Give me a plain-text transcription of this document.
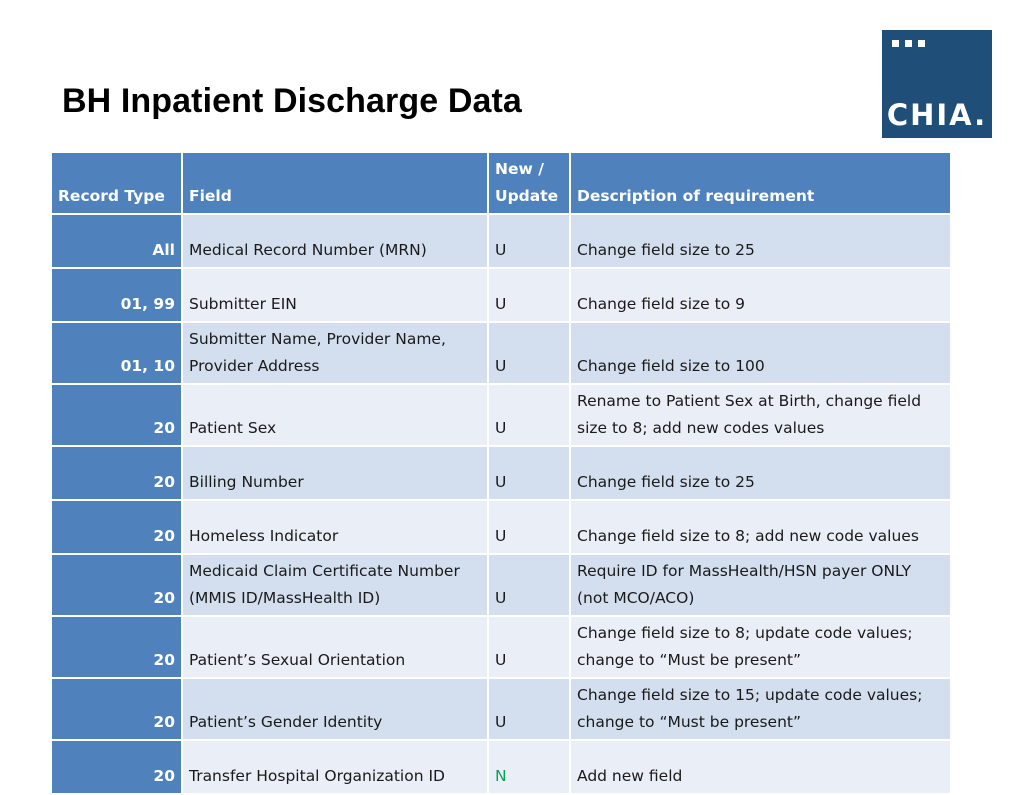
BH Inpatient Discharge Data	CHIA.
Record Type	Field	New / Update	Description of requirement
All	Medical Record Number (MRN)	U	Change field size to 25
01, 99	Submitter EIN	U	Change field size to 9
01, 10	Submitter Name, Provider Name, Provider Address	U	Change field size to 100
20	Patient Sex	U	Rename to Patient Sex at Birth, change field size to 8; add new codes values
20	Billing Number	U	Change field size to 25
20	Homeless Indicator	U	Change field size to 8; add new code values
20	Medicaid Claim Certificate Number (MMIS ID/MassHealth ID)	U	Require ID for MassHealth/HSN payer ONLY (not MCO/ACO)
20	Patient’s Sexual Orientation	U	Change field size to 8; update code values; change to “Must be present”
20	Patient’s Gender Identity	U	Change field size to 15; update code values; change to “Must be present”
20	Transfer Hospital Organization ID	N	Add new field
